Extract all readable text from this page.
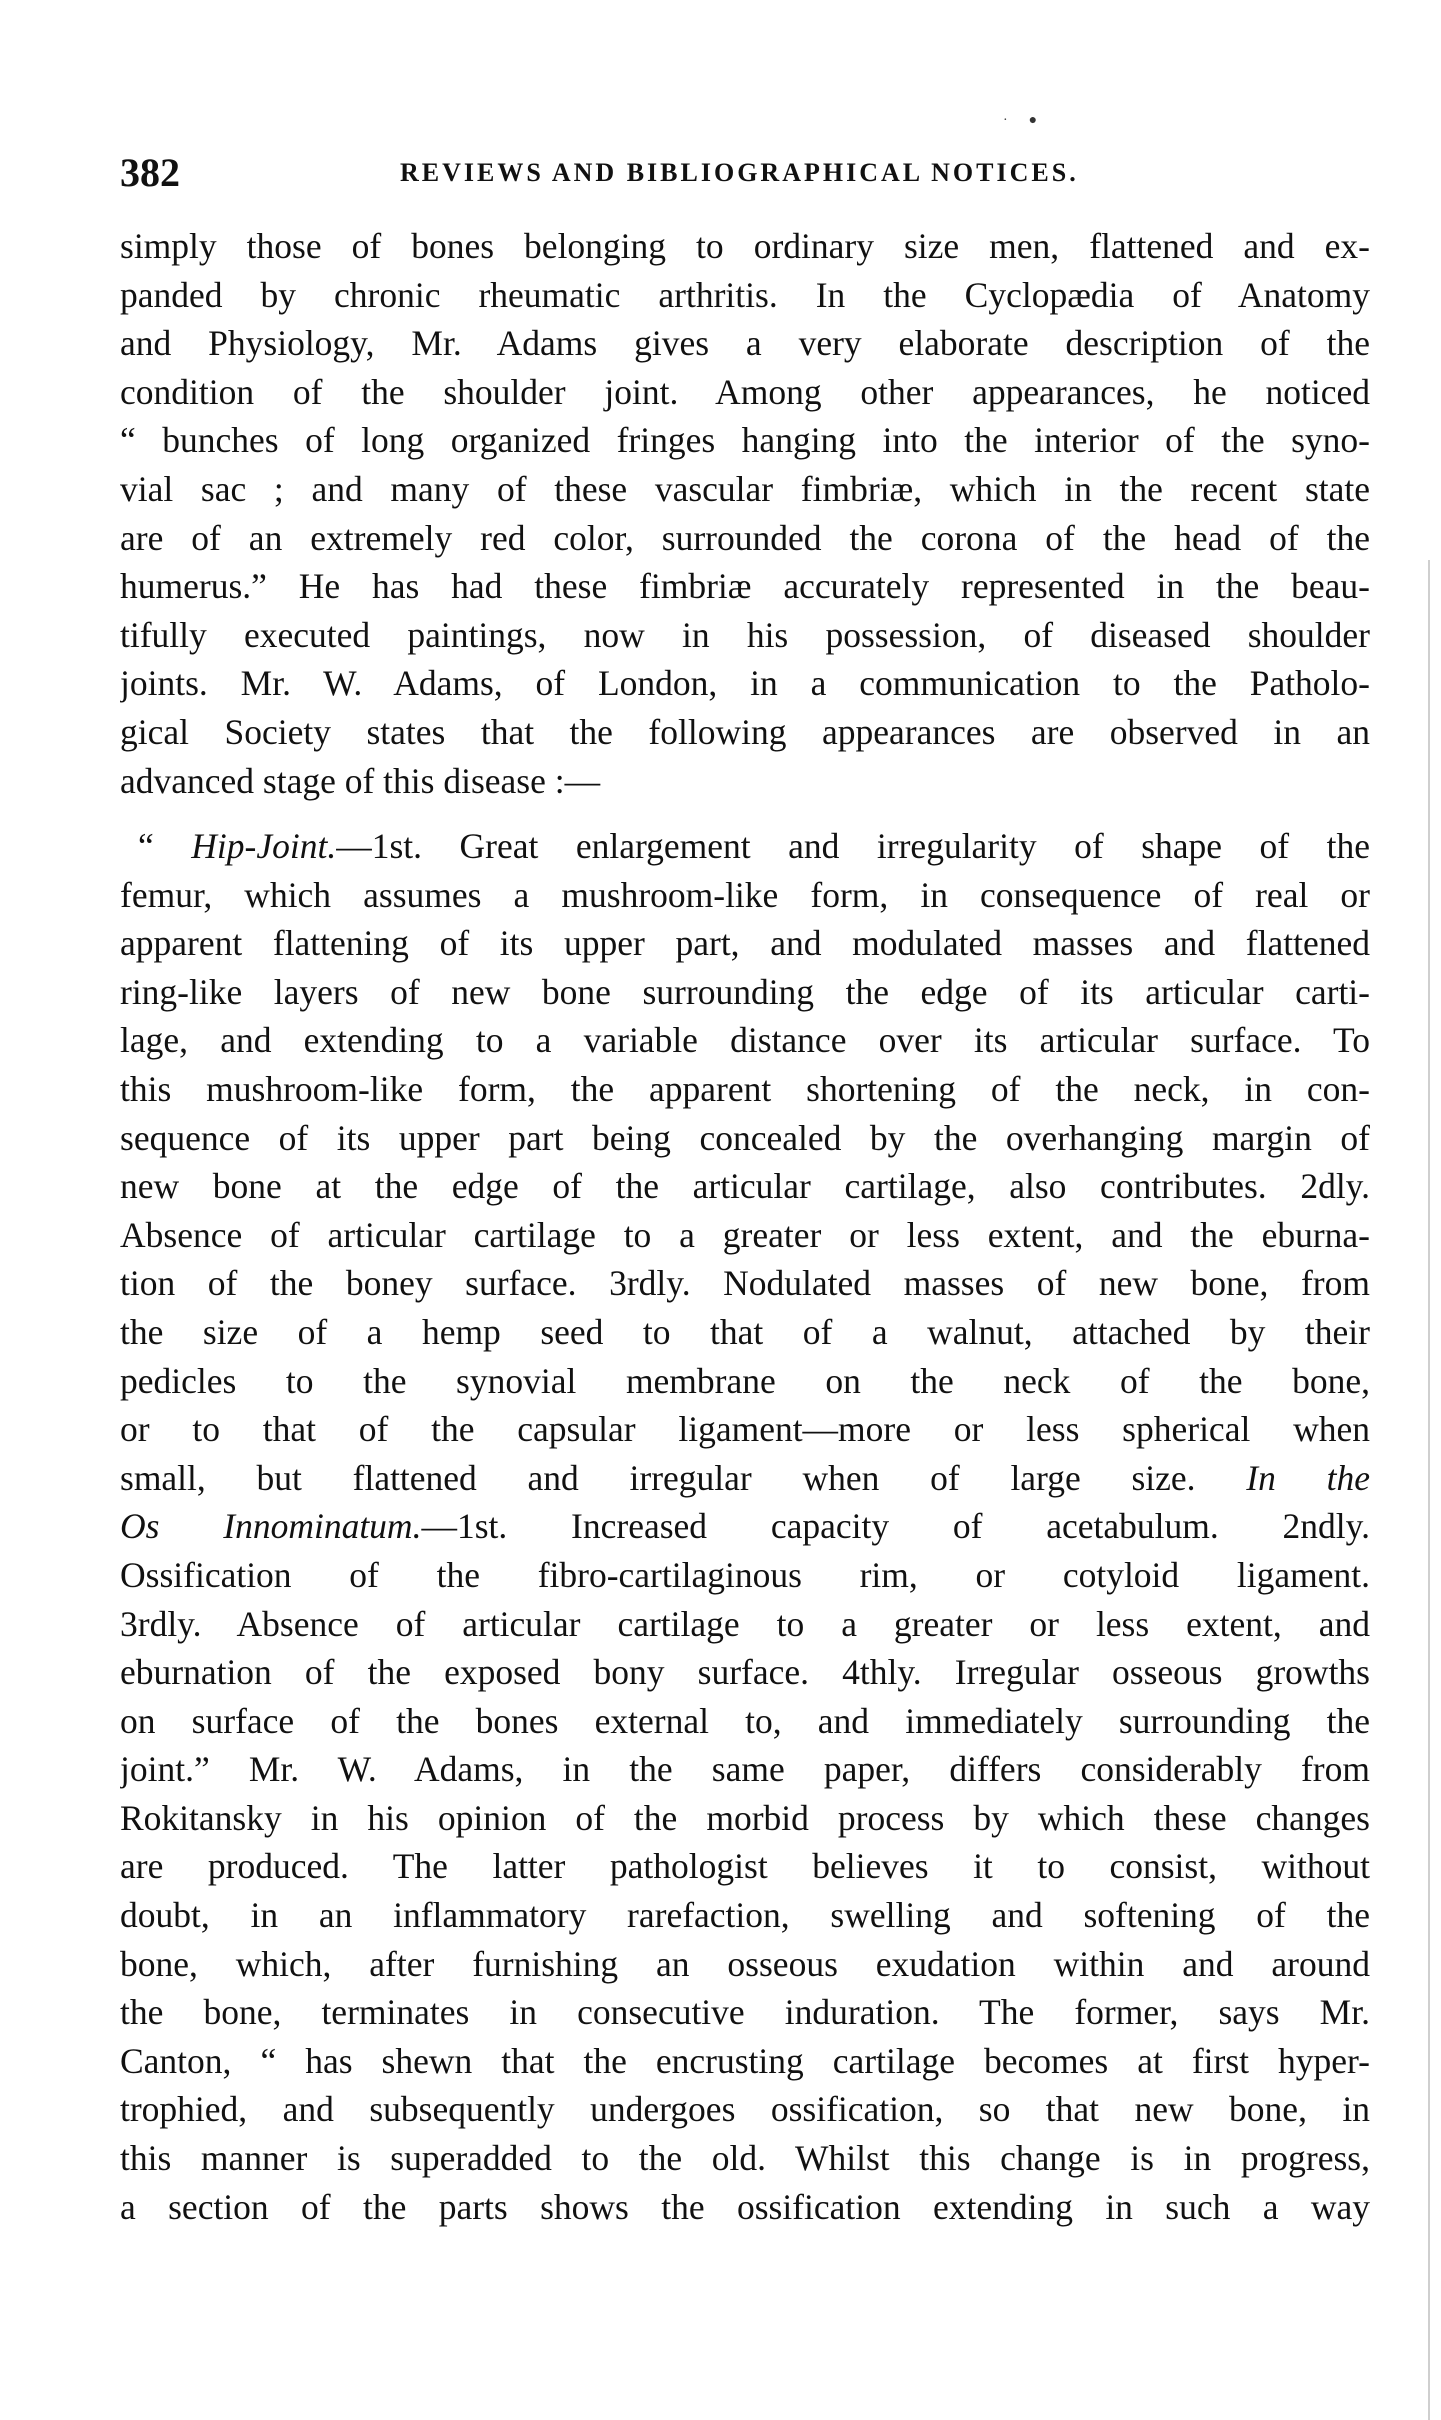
·      ●
382	REVIEWS AND BIBLIOGRAPHICAL NOTICES.
simply those of bones belonging to ordinary size men, flattened and ex-
panded by chronic rheumatic arthritis. In the Cyclopædia of Anatomy
and Physiology, Mr. Adams gives a very elaborate description of the
condition of the shoulder joint. Among other appearances, he noticed
“ bunches of long organized fringes hanging into the interior of the syno-
vial sac ; and many of these vascular fimbriæ, which in the recent state
are of an extremely red color, surrounded the corona of the head of the
humerus.” He has had these fimbriæ accurately represented in the beau-
tifully executed paintings, now in his possession, of diseased shoulder
joints. Mr. W. Adams, of London, in a communication to the Patholo-
gical Society states that the following appearances are observed in an
advanced stage of this disease :—
“ Hip-Joint.—1st. Great enlargement and irregularity of shape of the
femur, which assumes a mushroom-like form, in consequence of real or
apparent flattening of its upper part, and modulated masses and flattened
ring-like layers of new bone surrounding the edge of its articular carti-
lage, and extending to a variable distance over its articular surface. To
this mushroom-like form, the apparent shortening of the neck, in con-
sequence of its upper part being concealed by the overhanging margin of
new bone at the edge of the articular cartilage, also contributes. 2dly.
Absence of articular cartilage to a greater or less extent, and the eburna-
tion of the boney surface. 3rdly. Nodulated masses of new bone, from
the size of a hemp seed to that of a walnut, attached by their
pedicles to the synovial membrane on the neck of the bone,
or to that of the capsular ligament—more or less spherical when
small, but flattened and irregular when of large size. In the
Os Innominatum.—1st. Increased capacity of acetabulum. 2ndly.
Ossification of the fibro-cartilaginous rim, or cotyloid ligament.
3rdly. Absence of articular cartilage to a greater or less extent, and
eburnation of the exposed bony surface. 4thly. Irregular osseous growths
on surface of the bones external to, and immediately surrounding the
joint.” Mr. W. Adams, in the same paper, differs considerably from
Rokitansky in his opinion of the morbid process by which these changes
are produced. The latter pathologist believes it to consist, without
doubt, in an inflammatory rarefaction, swelling and softening of the
bone, which, after furnishing an osseous exudation within and around
the bone, terminates in consecutive induration. The former, says Mr.
Canton, “ has shewn that the encrusting cartilage becomes at first hyper-
trophied, and subsequently undergoes ossification, so that new bone, in
this manner is superadded to the old. Whilst this change is in progress,
a section of the parts shows the ossification extending in such a way
